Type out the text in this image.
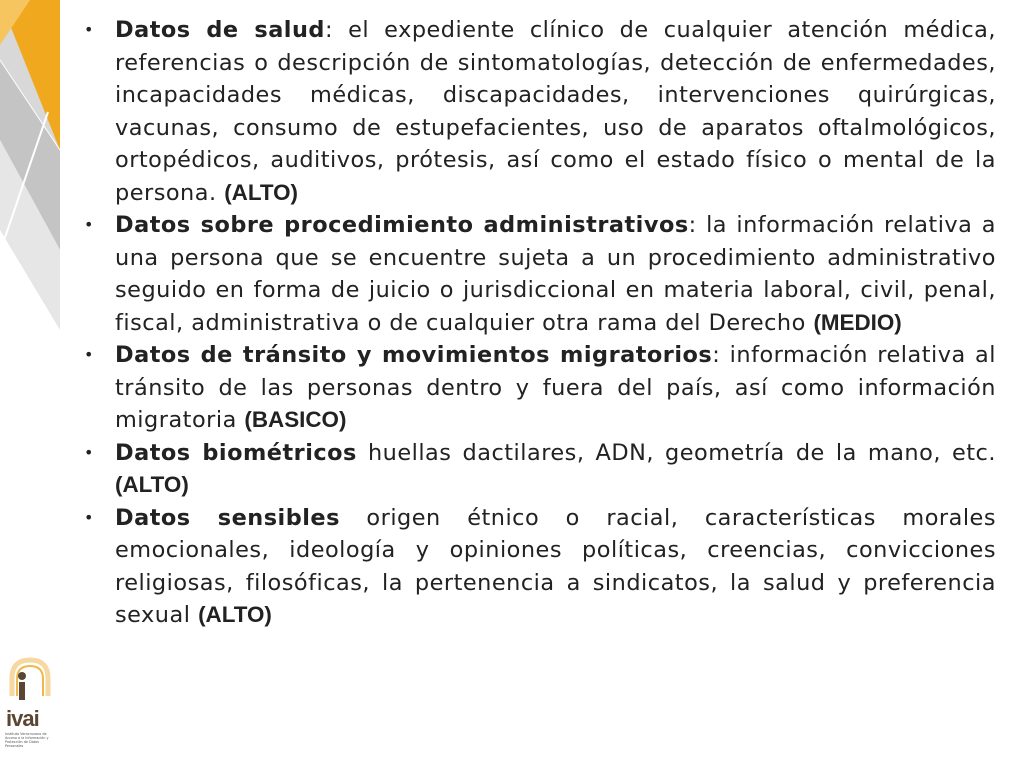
• Datos de salud: el expediente clínico de cualquier atención médica, referencias o descripción de sintomatologías, detección de enfermedades, incapacidades médicas, discapacidades, intervenciones quirúrgicas, vacunas, consumo de estupefacientes, uso de aparatos oftalmológicos, ortopédicos, auditivos, prótesis, así como el estado físico o mental de la persona. (ALTO)
• Datos sobre procedimiento administrativos: la información relativa a una persona que se encuentre sujeta a un procedimiento administrativo seguido en forma de juicio o jurisdiccional en materia laboral, civil, penal, fiscal, administrativa o de cualquier otra rama del Derecho (MEDIO)
• Datos de tránsito y movimientos migratorios: información relativa al tránsito de las personas dentro y fuera del país, así como información migratoria (BASICO)
• Datos biométricos huellas dactilares, ADN, geometría de la mano, etc. (ALTO)
• Datos sensibles origen étnico o racial, características morales emocionales, ideología y opiniones políticas, creencias, convicciones religiosas, filosóficas, la pertenencia a sindicatos, la salud y preferencia sexual (ALTO)
ivai
Instituto Veracruzano de Acceso a la Información y Protección de Datos Personales
